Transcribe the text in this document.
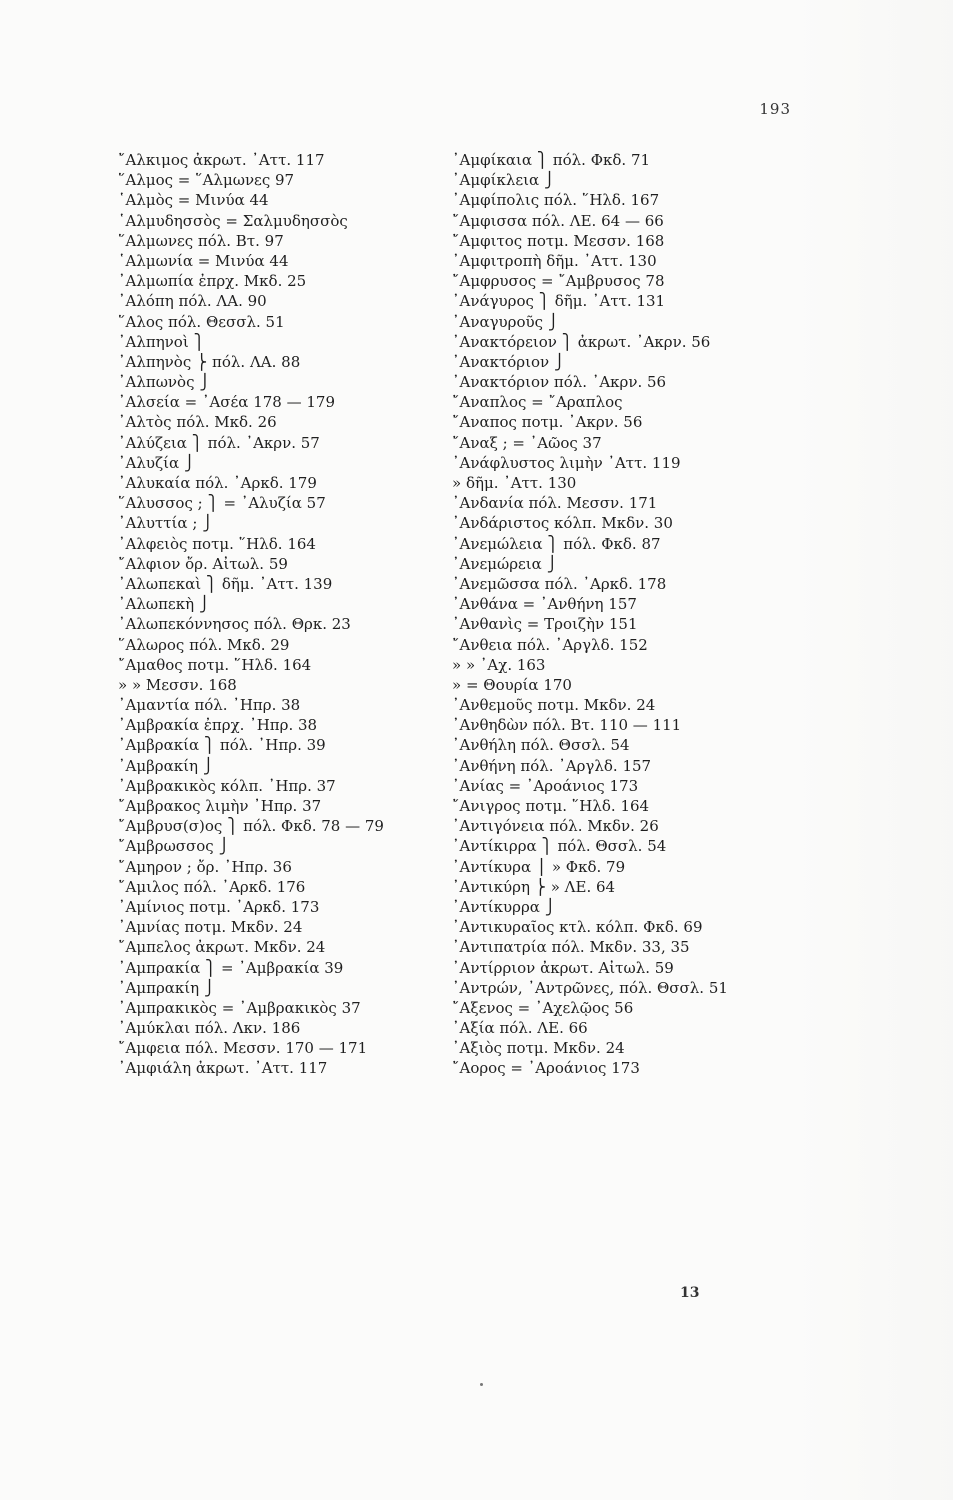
193
῎Αλκιμος ἀκρωτ. ᾿Αττ. 117
῞Αλμος = ῞Αλμωνες 97
῾Αλμὸς = Μινύα 44
῾Αλμυδησσὸς = Σαλμυδησσὸς
῞Αλμωνες πόλ. Βτ. 97
῾Αλμωνία = Μινύα 44
᾿Αλμωπία ἐπρχ. Μκδ. 25
᾿Αλόπη πόλ. ΛΑ. 90
῞Αλος πόλ. Θεσσλ. 51
᾿Αλπηνοὶ ⎫
᾿Αλπηνὸς ⎬ πόλ. ΛΑ. 88
᾿Αλπωνὸς ⎭
᾿Αλσεία = ᾿Ασέα 178 — 179
᾿Αλτὸς πόλ. Μκδ. 26
᾿Αλύζεια ⎫ πόλ. ᾿Ακρν. 57
᾿Αλυζία ⎭
᾿Αλυκαία πόλ. ᾿Αρκδ. 179
῞Αλυσσος ; ⎫ = ᾿Αλυζία 57
᾿Αλυττία ; ⎭
᾿Αλφειὸς ποτμ. ῞Ηλδ. 164
῎Αλφιον ὄρ. Αἰτωλ. 59
᾿Αλωπεκαὶ ⎫ δῆμ. ᾿Αττ. 139
᾿Αλωπεκὴ ⎭
᾿Αλωπεκόννησος πόλ. Θρκ. 23
῞Αλωρος πόλ. Μκδ. 29
῎Αμαθος ποτμ. ῞Ηλδ. 164
» » Μεσσν. 168
᾿Αμαντία πόλ. ᾿Ηπρ. 38
᾿Αμβρακία ἐπρχ. ᾿Ηπρ. 38
᾿Αμβρακία ⎫ πόλ. ᾿Ηπρ. 39
᾿Αμβρακίη ⎭
᾿Αμβρακικὸς κόλπ. ᾿Ηπρ. 37
῎Αμβρακος λιμὴν ᾿Ηπρ. 37
῎Αμβρυσ(σ)ος ⎫ πόλ. Φκδ. 78 — 79
῎Αμβρωσσος ⎭
῎Αμηρον ; ὄρ. ᾿Ηπρ. 36
῎Αμιλος πόλ. ᾿Αρκδ. 176
᾿Αμίνιος ποτμ. ᾿Αρκδ. 173
᾿Αμνίας ποτμ. Μκδν. 24
῎Αμπελος ἀκρωτ. Μκδν. 24
᾿Αμπρακία ⎫ = ᾿Αμβρακία 39
᾿Αμπρακίη ⎭
᾿Αμπρακικὸς = ᾿Αμβρακικὸς 37
᾿Αμύκλαι πόλ. Λκν. 186
῎Αμφεια πόλ. Μεσσν. 170 — 171
᾿Αμφιάλη ἀκρωτ. ᾿Αττ. 117
᾿Αμφίκαια ⎫ πόλ. Φκδ. 71
᾿Αμφίκλεια ⎭
᾿Αμφίπολις πόλ. ῞Ηλδ. 167
῎Αμφισσα πόλ. ΛΕ. 64 — 66
῎Αμφιτος ποτμ. Μεσσν. 168
᾿Αμφιτροπὴ δῆμ. ᾿Αττ. 130
῎Αμφρυσος = ῎Αμβρυσος 78
᾿Ανάγυρος ⎫ δῆμ. ᾿Αττ. 131
᾿Αναγυροῦς ⎭
᾿Ανακτόρειον ⎫ ἀκρωτ. ᾿Ακρν. 56
᾿Ανακτόριον ⎭
᾿Ανακτόριον πόλ. ᾿Ακρν. 56
῎Αναπλος = ῎Αραπλος
῎Αναπος ποτμ. ᾿Ακρν. 56
῎Αναξ ; = ᾿Αῶος 37
᾿Ανάφλυστος λιμὴν ᾿Αττ. 119
» δῆμ. ᾿Αττ. 130
᾿Ανδανία πόλ. Μεσσν. 171
᾿Ανδάριστος κόλπ. Μκδν. 30
᾿Ανεμώλεια ⎫ πόλ. Φκδ. 87
᾿Ανεμώρεια ⎭
᾿Ανεμῶσσα πόλ. ᾿Αρκδ. 178
᾿Ανθάνα = ᾿Ανθήνη 157
᾿Ανθανὶς = Τροιζὴν 151
῎Ανθεια πόλ. ᾿Αργλδ. 152
» » ᾿Αχ. 163
» = Θουρία 170
᾿Ανθεμοῦς ποτμ. Μκδν. 24
᾿Ανθηδὼν πόλ. Βτ. 110 — 111
᾿Ανθήλη πόλ. Θσσλ. 54
᾿Ανθήνη πόλ. ᾿Αργλδ. 157
᾿Ανίας = ᾿Αροάνιος 173
῎Ανιγρος ποτμ. ῞Ηλδ. 164
᾿Αντιγόνεια πόλ. Μκδν. 26
᾿Αντίκιρρα ⎫ πόλ. Θσσλ. 54
᾿Αντίκυρα ⎪ » Φκδ. 79
᾿Αντικύρη ⎬ » ΛΕ. 64
᾿Αντίκυρρα ⎭
᾿Αντικυραῖος κτλ. κόλπ. Φκδ. 69
᾿Αντιπατρία πόλ. Μκδν. 33, 35
᾿Αντίρριον ἀκρωτ. Αἰτωλ. 59
᾿Αντρών, ᾿Αντρῶνες, πόλ. Θσσλ. 51
῎Αξενος = ᾿Αχελῷος 56
᾿Αξία πόλ. ΛΕ. 66
᾿Αξιὸς ποτμ. Μκδν. 24
῎Αορος = ᾿Αροάνιος 173
13
